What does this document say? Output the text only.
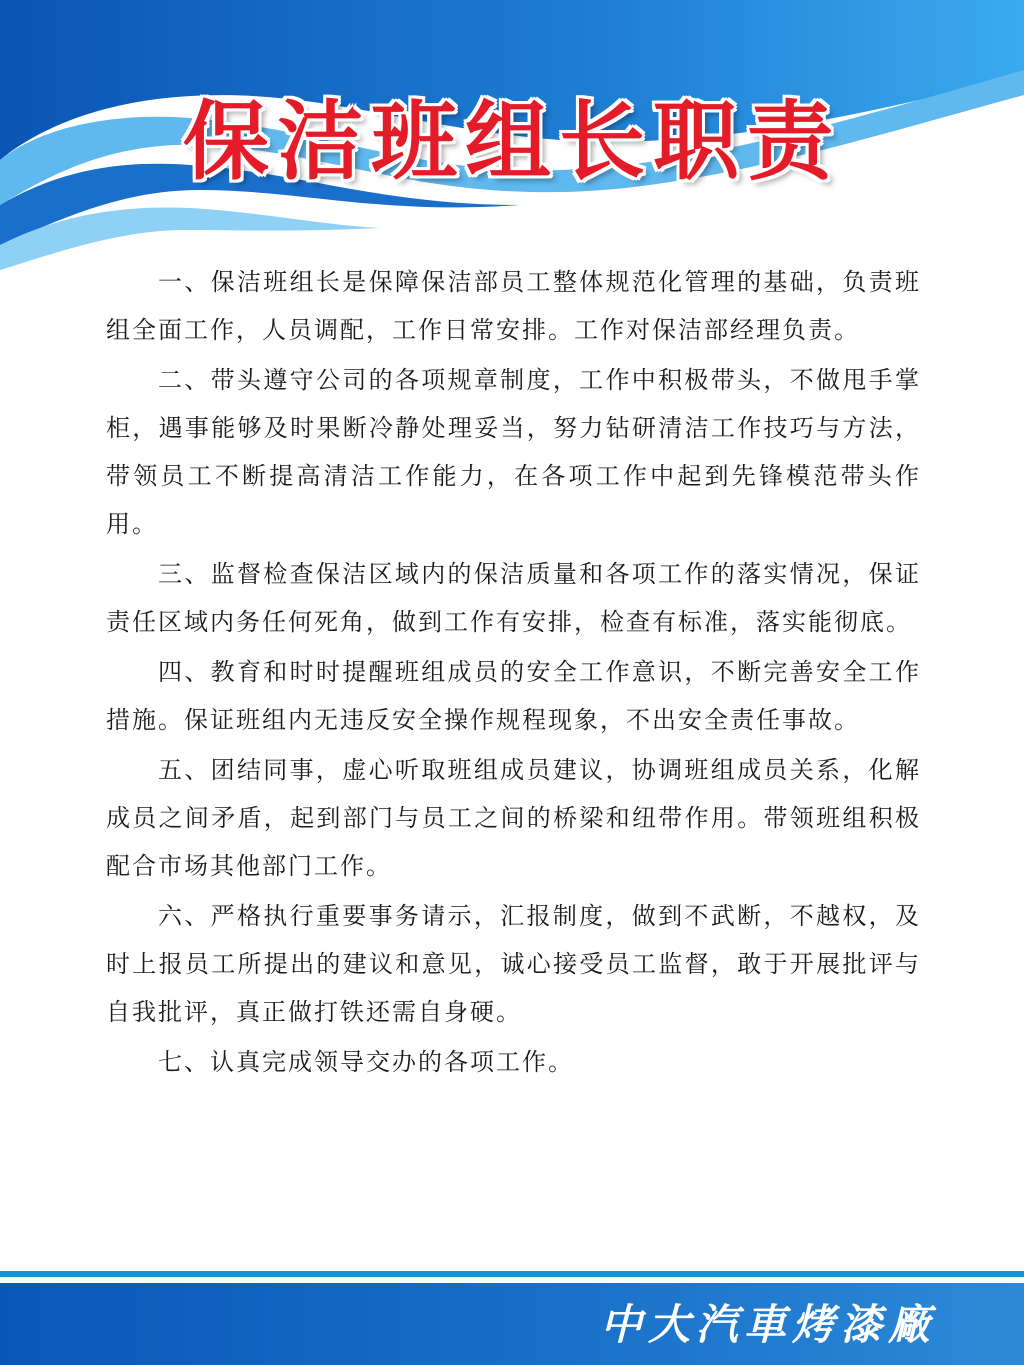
保洁班组长职责

一、保洁班组长是保障保洁部员工整体规范化管理的基础，负责班组全面工作，人员调配，工作日常安排。工作对保洁部经理负责。

二、带头遵守公司的各项规章制度，工作中积极带头，不做甩手掌柜，遇事能够及时果断冷静处理妥当，努力钻研清洁工作技巧与方法，带领员工不断提高清洁工作能力，在各项工作中起到先锋模范带头作用。

三、监督检查保洁区域内的保洁质量和各项工作的落实情况，保证责任区域内务任何死角，做到工作有安排，检查有标准，落实能彻底。

四、教育和时时提醒班组成员的安全工作意识，不断完善安全工作措施。保证班组内无违反安全操作规程现象，不出安全责任事故。

五、团结同事，虚心听取班组成员建议，协调班组成员关系，化解成员之间矛盾，起到部门与员工之间的桥梁和纽带作用。带领班组积极配合市场其他部门工作。

六、严格执行重要事务请示，汇报制度，做到不武断，不越权，及时上报员工所提出的建议和意见，诚心接受员工监督，敢于开展批评与自我批评，真正做打铁还需自身硬。

七、认真完成领导交办的各项工作。

中大汽車烤漆廠
